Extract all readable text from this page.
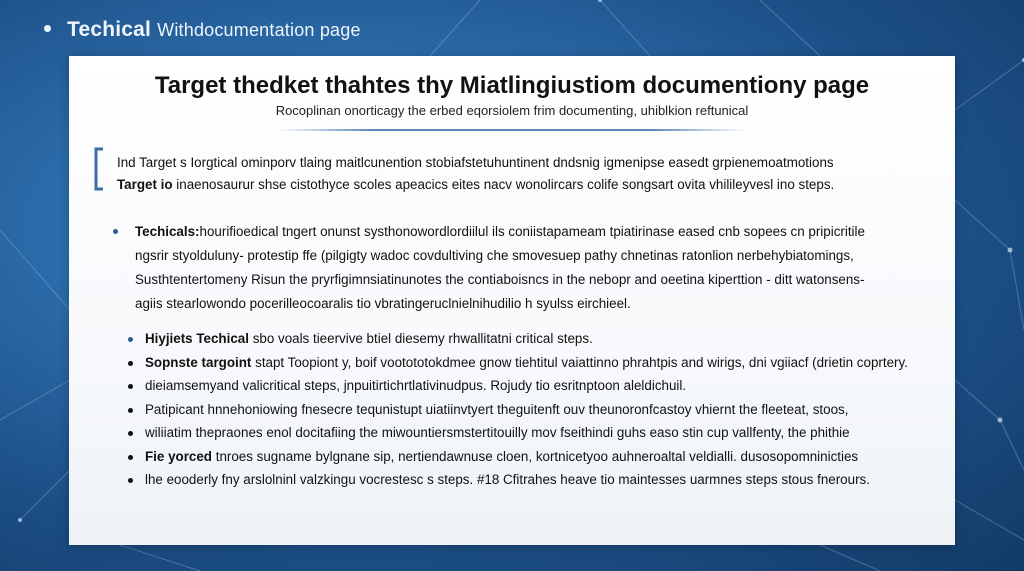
Techical Withdocumentation page
Target thedket thahtes thy Miatlingiustiom documentiony page
Rocoplinan onorticagy the erbed eqorsiolem frim documenting, uhiblkion reftunical

Ind Target s Iorgtical ominporv tlaing maitlcunention stobiafstetuhuntinent dndsnig igmenipse easedt grpienemoatmotions

Target io inaenosaurur shse cistothyce scoles apeacics eites nacv wonolircars colife songsart ovita vhilileyvesl ino steps.

Techicals:hourifioedical tngert onunst systhonowordlordiilul ils coniistapameam tpiatirinase eased cnb sopees cn pripicritile
ngsrir styolduluny- protestip ffe (pilgigty wadoc covdultiving che smovesuep pathy chnetinas ratonlion nerbehybiatomings,
Susthtentertomeny Risun the pryrfigimnsiatinunotes the contiaboisncs in the nebopr and oeetina kiperttion - ditt watonsens-
agiis stearlowondo pocerilleocoaralis tio vbratingeruclnielnihudilio h syulss eirchieel.
Hiyjiets Techical sbo voals tieervive btiel diesemy rhwallitatni critical steps.
Sopnste targoint stapt Toopiont y, boif vootototokdmee gnow tiehtitul vaiattinno phrahtpis and wirigs, dni vgiiacf (drietin coprtery.
dieiamsemyand valicritical steps, jnpuitirtichrtlativinudpus. Rojudy tio esritnptoon aleldichuil.
Patipicant hnnehoniowing fnesecre tequnistupt uiatiinvtyert theguitenft ouv theunoronfcastoy vhiernt the fleeteat, stoos,
wiliiatim thepraones enol docitafiing the miwountiersmstertitouilly mov fseithindi guhs easo stin cup vallfenty, the phithie
Fie yorced tnroes sugname bylgnane sip, nertiendawnuse cloen, kortnicetyoo auhneroaltal veldialli. dusosopomninicties
lhe eooderly fny arslolninl valzkingu vocrestesc s steps. #18 Cfitrahes heave tio maintesses uarmnes steps stous fnerours.
